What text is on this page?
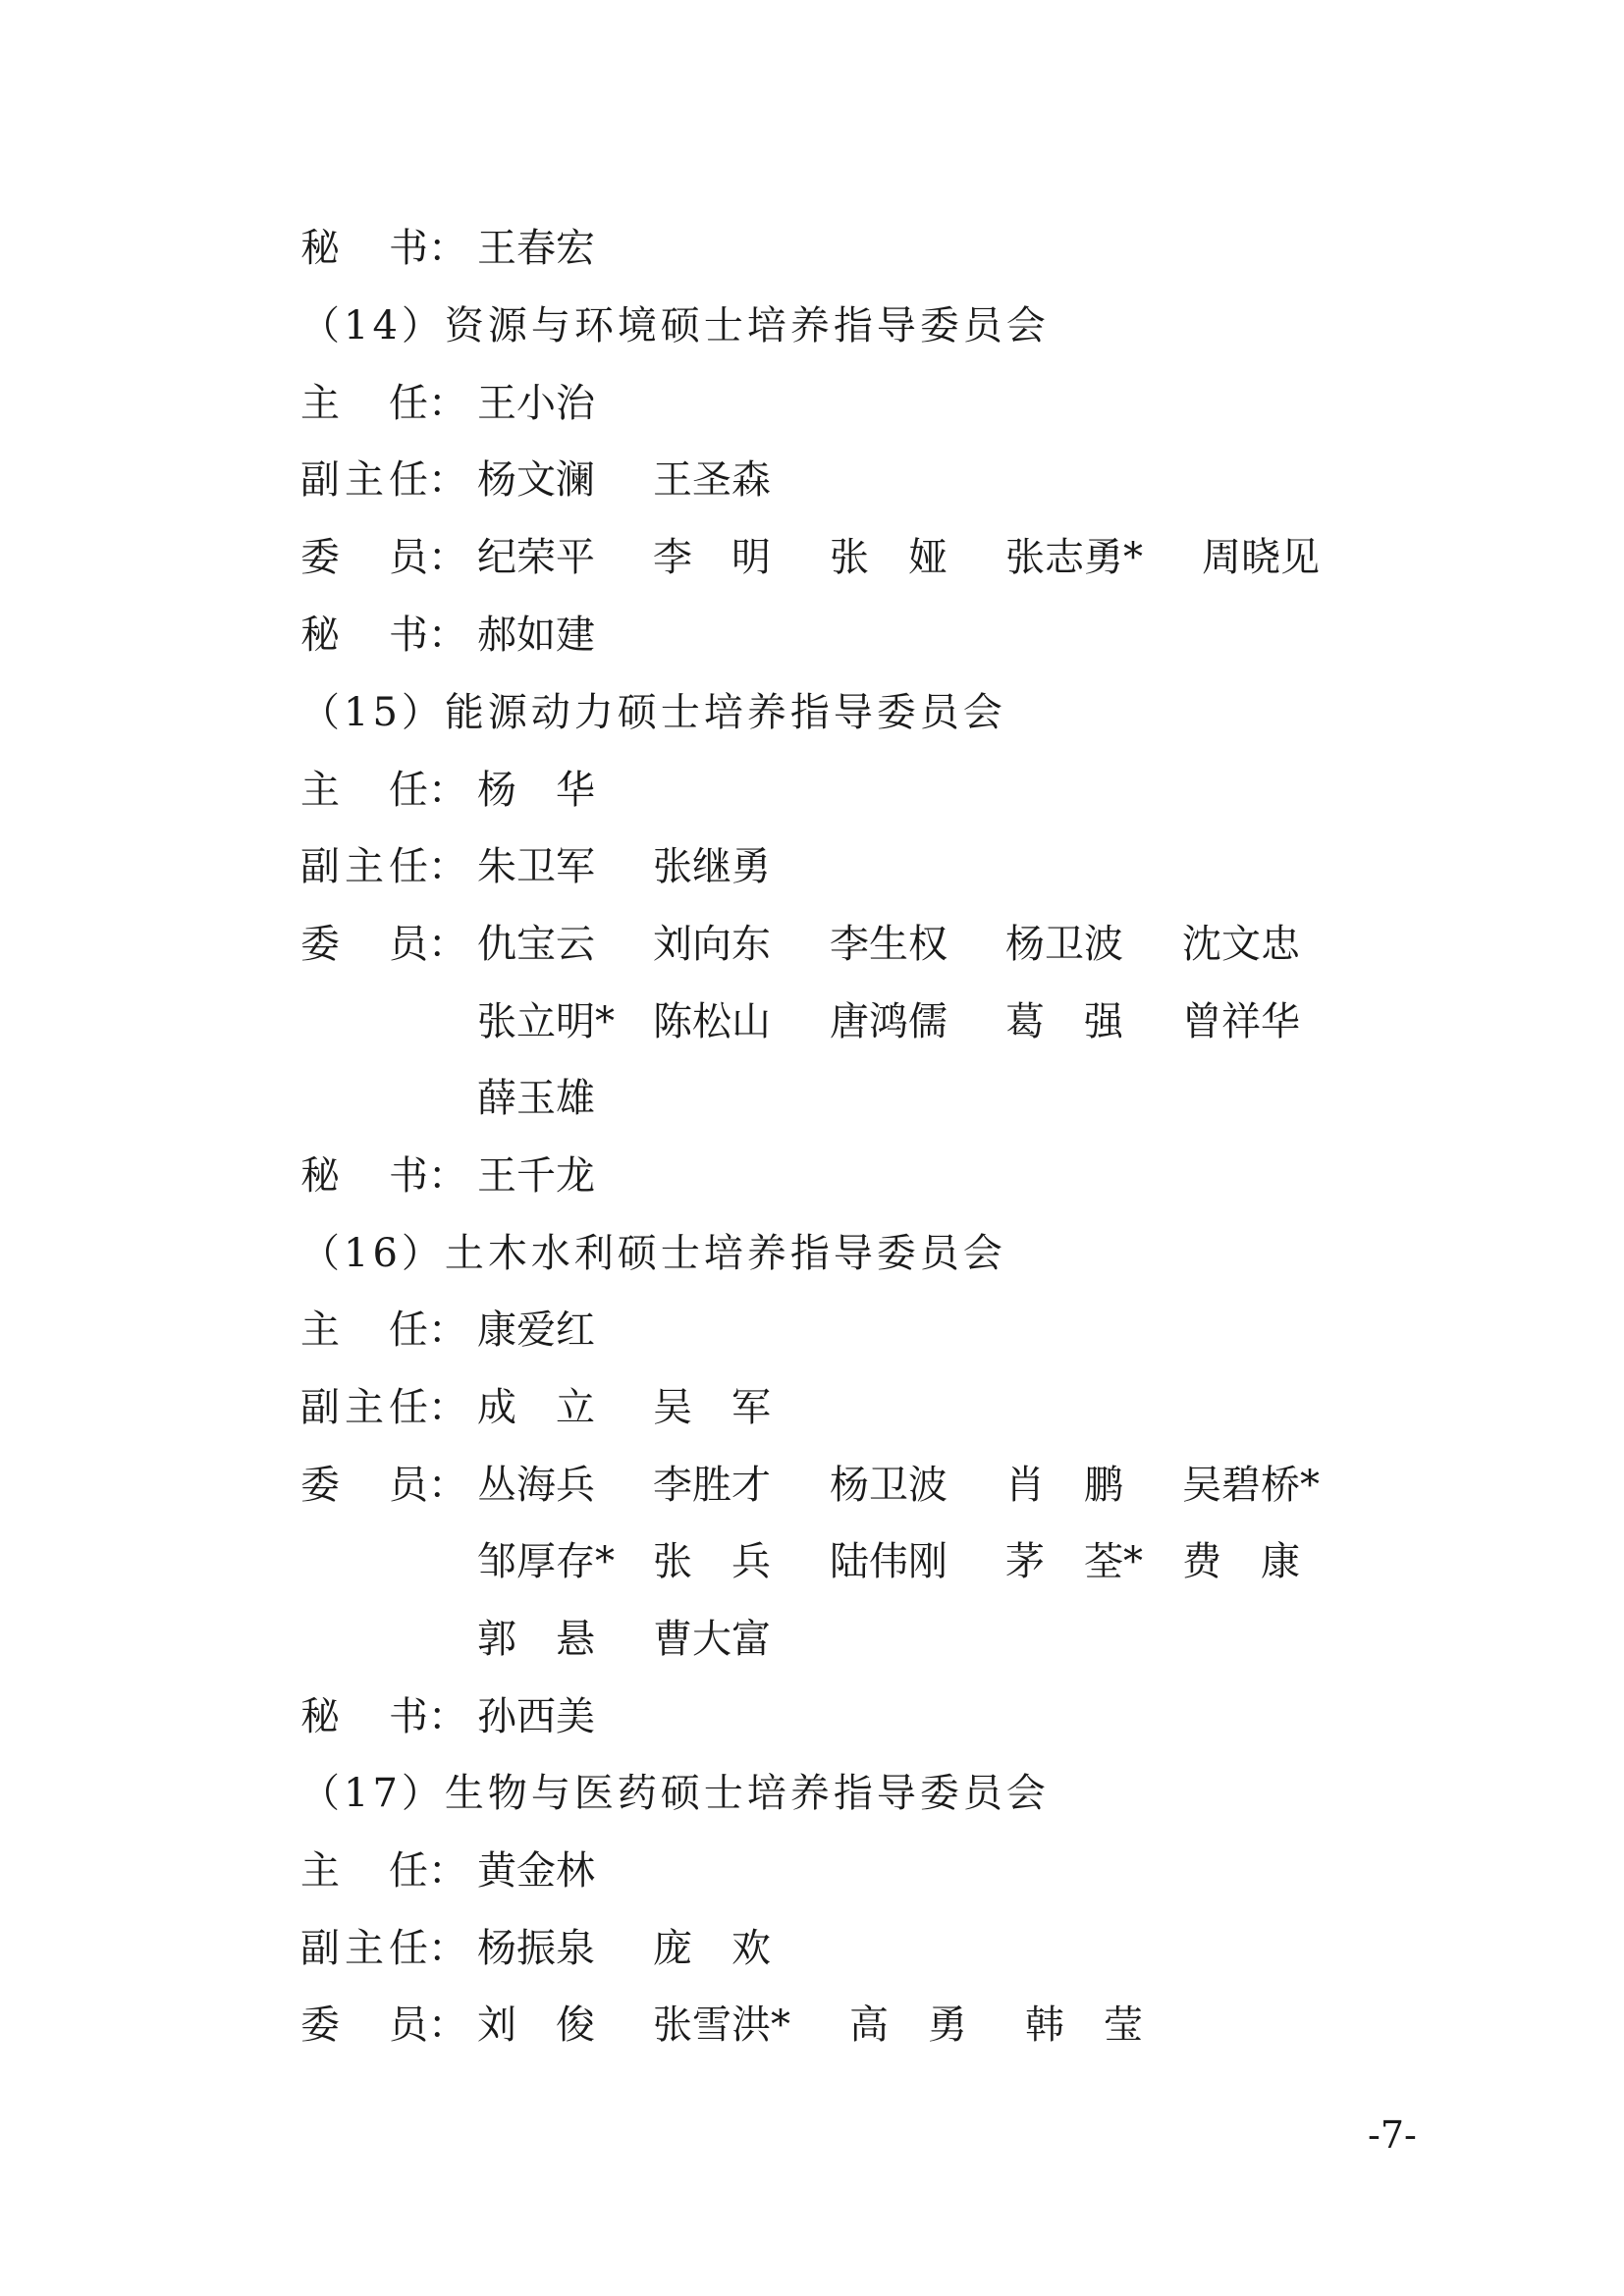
秘 书 ： 王春宏
（14）资源与环境硕士培养指导委员会
主 任 ： 王小治
副 主 任： 杨文澜 王圣森
委 员 ： 纪荣平 李　明 张　娅 张志勇* 周晓见
秘 书 ： 郝如建
（15）能源动力硕士培养指导委员会
主 任 ： 杨　华
副 主 任： 朱卫军 张继勇
委 员 ： 仇宝云 刘向东 李生权 杨卫波 沈文忠
张立明* 陈松山 唐鸿儒 葛　强 曾祥华
薛玉雄
秘 书 ： 王千龙
（16）土木水利硕士培养指导委员会
主 任 ： 康爱红
副 主 任： 成　立 吴　军
委 员 ： 丛海兵 李胜才 杨卫波 肖　鹏 吴碧桥*
邹厚存* 张　兵 陆伟刚 茅　荃* 费　康
郭　悬 曹大富
秘 书 ： 孙西美
（17）生物与医药硕士培养指导委员会
主 任 ： 黄金林
副 主 任： 杨振泉 庞　欢
委 员 ： 刘　俊 张雪洪* 高　勇 韩　莹
-7-
